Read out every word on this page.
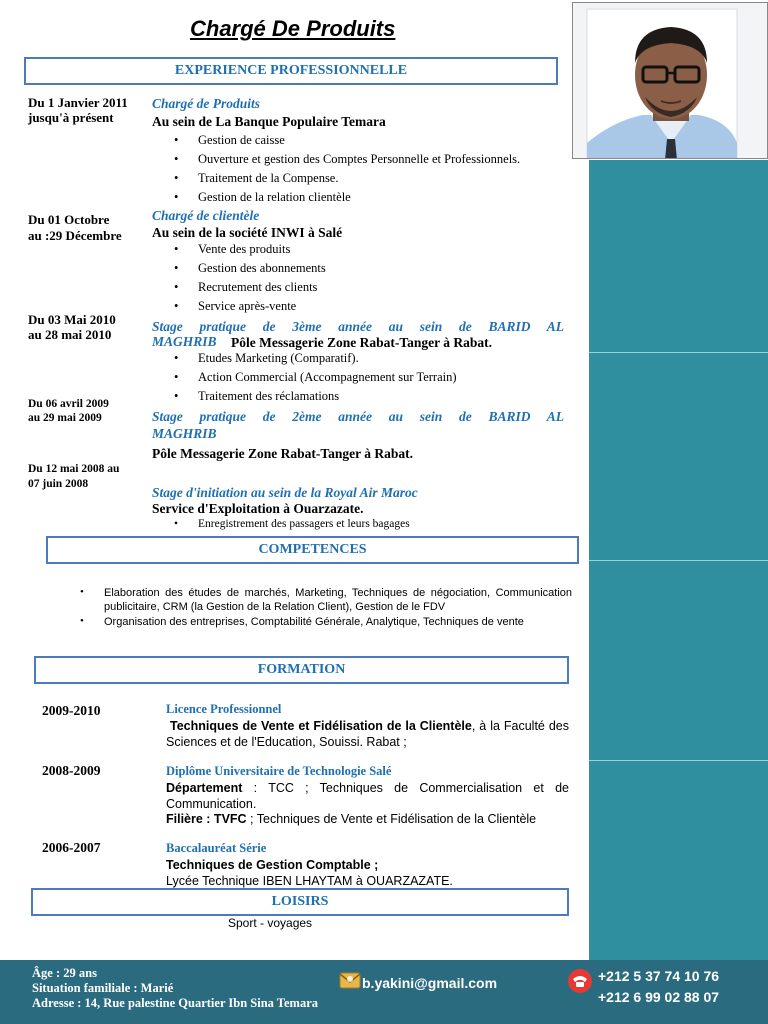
Chargé De Produits
EXPERIENCE PROFESSIONNELLE
Du 1 Janvier 2011 jusqu'à présent
Chargé de Produits
Au sein de La Banque Populaire Temara
• Gestion de caisse
• Ouverture et gestion des Comptes Personnelle et Professionnels.
• Traitement de la Compense.
• Gestion de la relation clientèle
Du 01 Octobre
au :29 Décembre
Chargé de clientèle
Au sein de la société INWI à Salé
• Vente des produits
• Gestion des abonnements
• Recrutement des clients
• Service après-vente
Du 03 Mai 2010
au 28 mai 2010
Stage pratique de 3ème année au sein de BARID AL
MAGHRIB Pôle Messagerie Zone Rabat-Tanger à Rabat.
• Etudes Marketing (Comparatif).
• Action Commercial (Accompagnement sur Terrain)
• Traitement des réclamations
Du 06 avril 2009
au 29 mai 2009	Stage pratique de 2ème année au sein de BARID AL
MAGHRIB
Pôle Messagerie Zone Rabat-Tanger à Rabat.
Du 12 mai 2008 au
07 juin 2008
Stage d'initiation au sein de la Royal Air Maroc
Service d'Exploitation à Ouarzazate.
• Enregistrement des passagers et leurs bagages
COMPETENCES
• Elaboration des études de marchés, Marketing, Techniques de négociation, Communication publicitaire, CRM (la Gestion de la Relation Client), Gestion de le FDV
• Organisation des entreprises, Comptabilité Générale, Analytique, Techniques de vente
FORMATION
2009-2010	Licence Professionnel
Techniques de Vente et Fidélisation de la Clientèle, à la Faculté des Sciences et de l'Education, Souissi. Rabat ;
2008-2009	Diplôme Universitaire de Technologie Salé
Département : TCC ; Techniques de Commercialisation et de Communication.
Filière : TVFC ; Techniques de Vente et Fidélisation de la Clientèle
2006-2007	Baccalauréat Série
Techniques de Gestion Comptable ;
Lycée Technique IBEN LHAYTAM à OUARZAZATE.
LOISIRS
Sport - voyages
Âge : 29 ans
Situation familiale : Marié
Adresse : 14, Rue palestine Quartier Ibn Sina Temara
b.yakini@gmail.com	+212 5 37 74 10 76
+212 6 99 02 88 07
